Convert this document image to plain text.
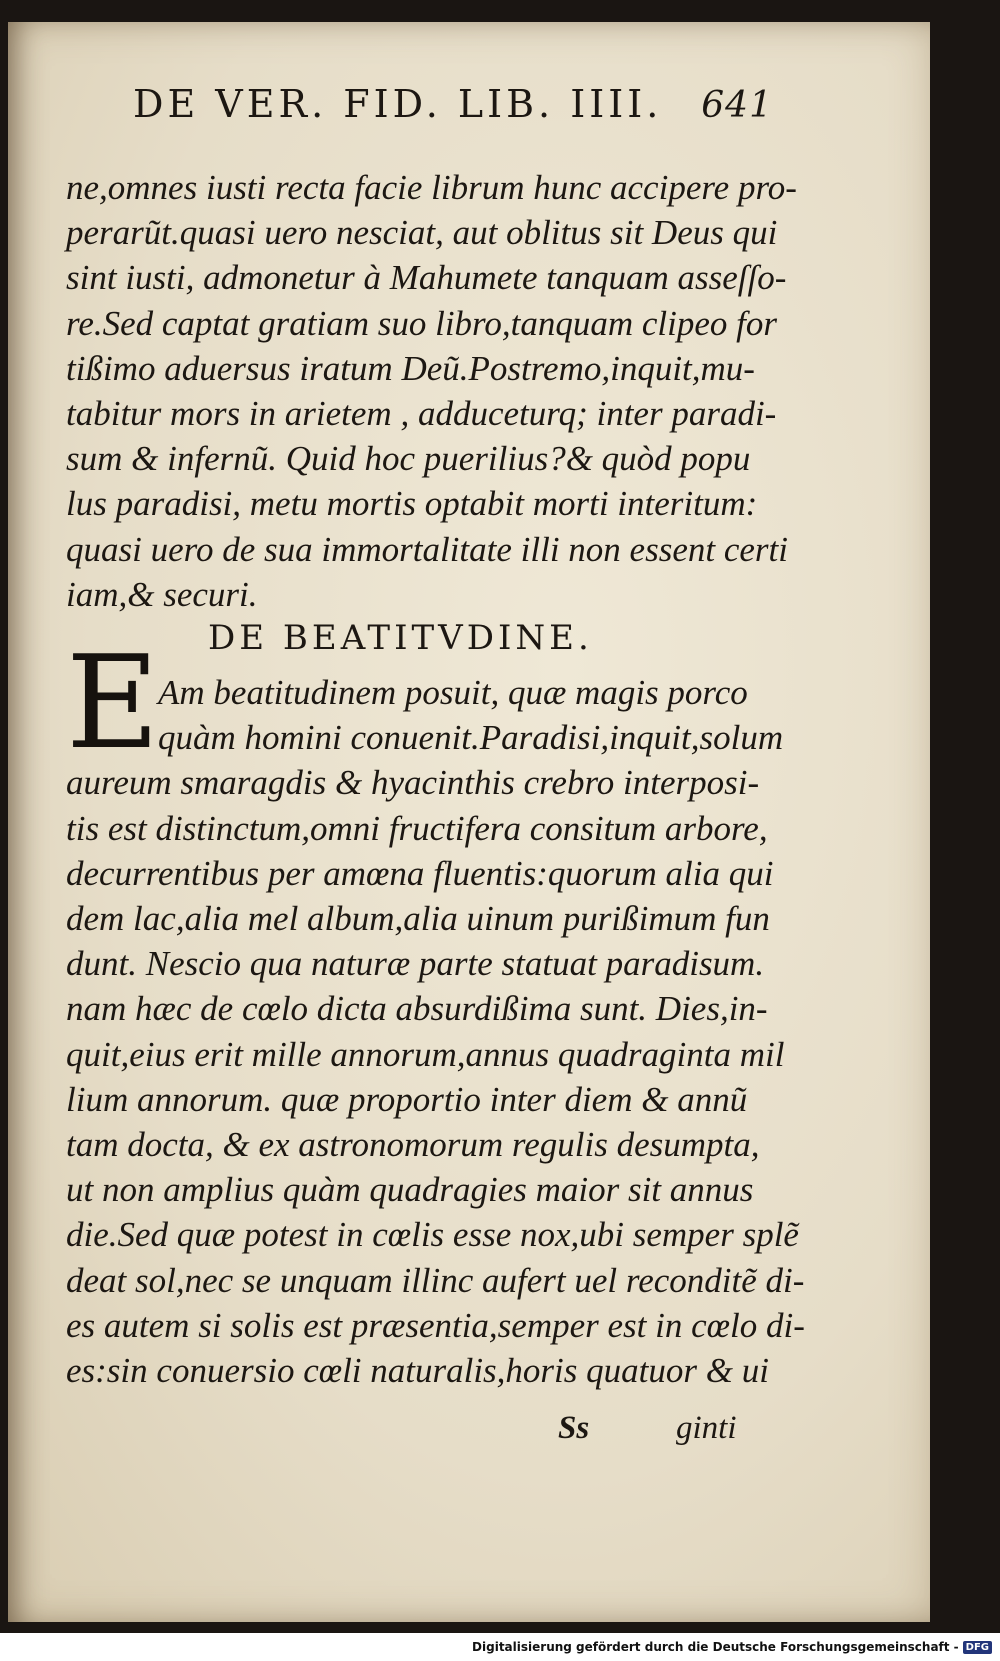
DE VER. FID. LIB. IIII. 641

ne,omnes iusti recta facie librum hunc accipere pro-

perarũt.quasi uero nesciat, aut oblitus sit Deus qui

sint iusti, admonetur à Mahumete tanquam asseſſo-

re.Sed captat gratiam suo libro,tanquam clipeo for

tißimo aduersus iratum Deũ.Postremo,inquit,mu-

tabitur mors in arietem , adduceturq; inter paradi-

sum & infernũ. Quid hoc puerilius?& quòd popu

lus paradisi, metu mortis optabit morti interitum:

quasi uero de sua immortalitate illi non essent certi

iam,& securi.

DE BEATITVDINE.
E

Am beatitudinem posuit, quæ magis porco

quàm homini conuenit.Paradisi,inquit,solum

aureum smaragdis & hyacinthis crebro interposi-

tis est distinctum,omni fructifera consitum arbore,

decurrentibus per amœna fluentis:quorum alia qui

dem lac,alia mel album,alia uinum purißimum fun

dunt. Nescio qua naturæ parte statuat paradisum.

nam hæc de cœlo dicta absurdißima sunt. Dies,in-

quit,eius erit mille annorum,annus quadraginta mil

lium annorum. quæ proportio inter diem & annũ

tam docta, & ex astronomorum regulis desumpta,

ut non amplius quàm quadragies maior sit annus

die.Sed quæ potest in cœlis esse nox,ubi semper splẽ

deat sol,nec se unquam illinc aufert uel reconditẽ di-

es autem si solis est præsentia,semper est in cœlo di-

es:sin conuersio cœli naturalis,horis quatuor & ui

Ss	ginti
Digitalisierung gefördert durch die Deutsche Forschungsgemeinschaft - DFG
